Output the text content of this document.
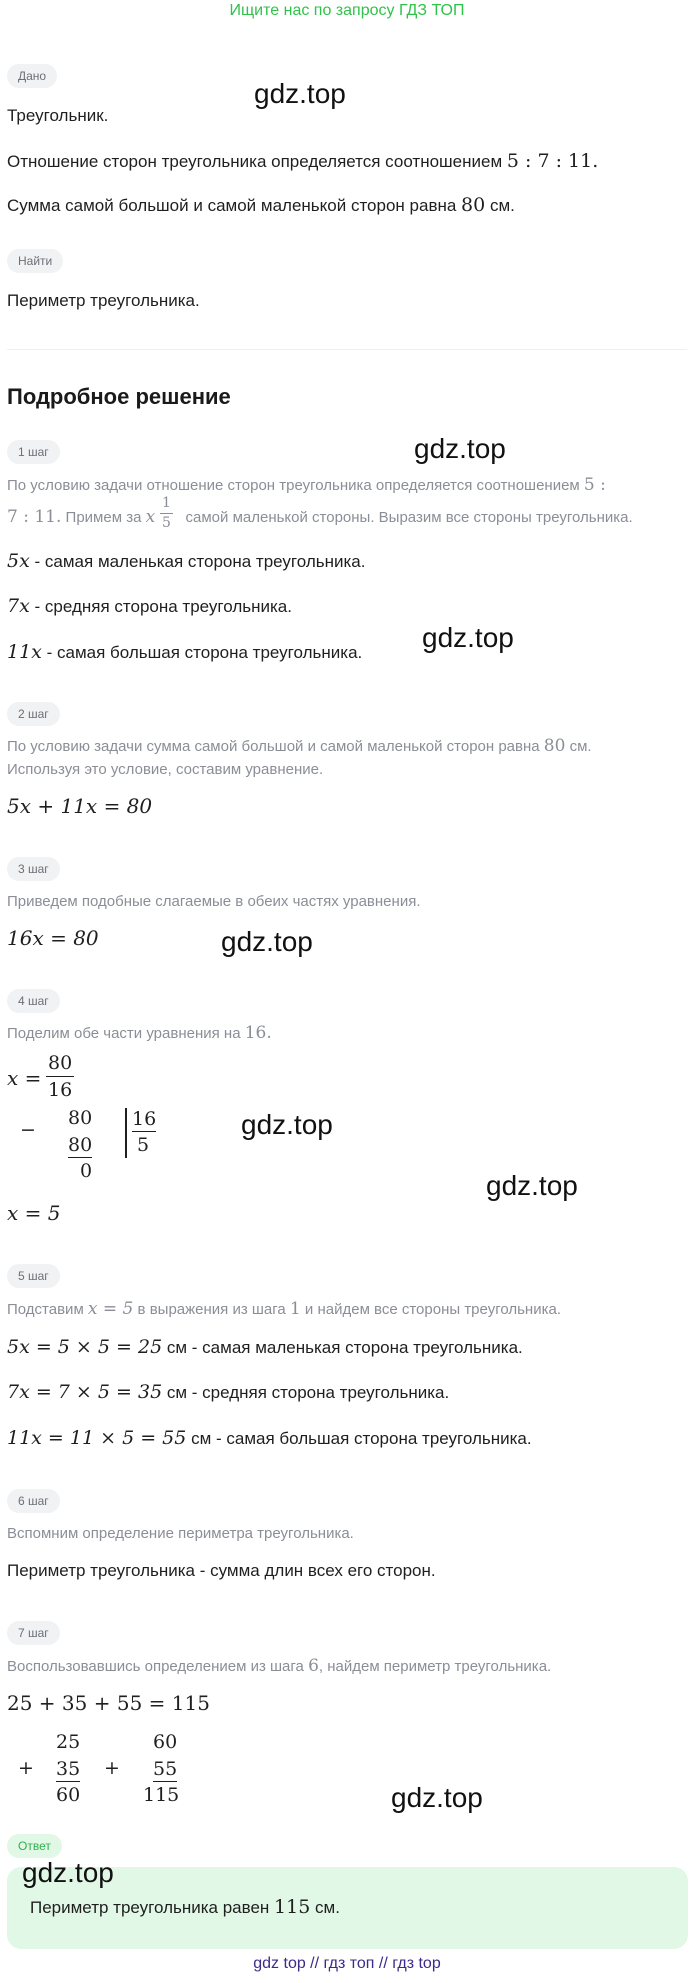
Ищите нас по запросу ГДЗ ТОП
Дано
gdz.top
Треугольник.
Отношение сторон треугольника определяется соотношением 5 : 7 : 11.
Сумма самой большой и самой маленькой сторон равна 80 см.
Найти
Периметр треугольника.
Подробное решение
1 шаг	gdz.top
По условию задачи отношение сторон треугольника определяется соотношением 5 :
7 : 11. Примем за x  самой маленькой стороны. Выразим все стороны треугольника.
$\frac{1}{5}$
5x - самая маленькая сторона треугольника.
7x - средняя сторона треугольника.
gdz.top
11x - самая большая сторона треугольника.
2 шаг
По условию задачи сумма самой большой и самой маленькой сторон равна 80 см.
Используя это условие, составим уравнение.
5x + 11x = 80
3 шаг
Приведем подобные слагаемые в обеих частях уравнения.
16x = 80	gdz.top
4 шаг
Поделим обе части уравнения на 16.
$x = \frac{80}{16}$
−
80
80
0
16
5
gdz.top
gdz.top
x = 5
5 шаг
Подставим x = 5 в выражения из шага 1 и найдем все стороны треугольника.
5x = 5 × 5 = 25 см - самая маленькая сторона треугольника.
7x = 7 × 5 = 35 см - средняя сторона треугольника.
11x = 11 × 5 = 55 см - самая большая сторона треугольника.
6 шаг
Вспомним определение периметра треугольника.
Периметр треугольника - сумма длин всех его сторон.
7 шаг
Воспользовавшись определением из шага 6, найдем периметр треугольника.
25 + 35 + 55 = 115
+
25
35
60
+
60
55
115	gdz.top
Ответ
gdz.top
Периметр треугольника равен 115 см.
gdz top // гдз топ // гдз top
